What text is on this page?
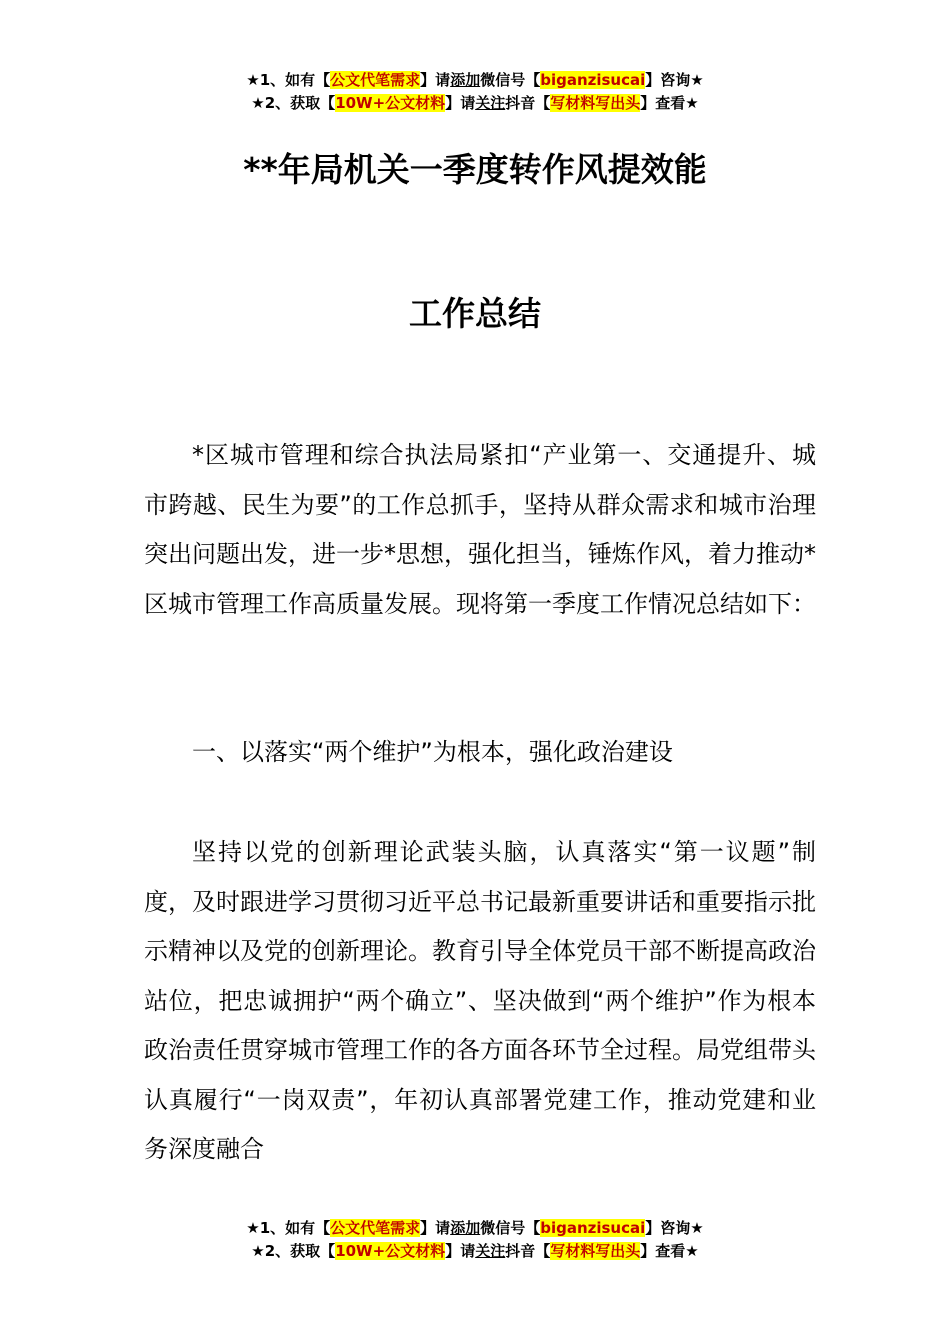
★1、如有【公文代笔需求】请添加微信号【biganzisucai】咨询★
★2、获取【10W+公文材料】请关注抖音【写材料写出头】查看★
**年局机关一季度转作风提效能
工作总结

*区城市管理和综合执法局紧扣“产业第一、交通提升、城市跨越、民生为要”的工作总抓手，坚持从群众需求和城市治理突出问题出发，进一步*思想，强化担当，锤炼作风，着力推动*区城市管理工作高质量发展。现将第一季度工作情况总结如下：

一、以落实“两个维护”为根本，强化政治建设

坚持以党的创新理论武装头脑，认真落实“第一议题”制度，及时跟进学习贯彻习近平总书记最新重要讲话和重要指示批示精神以及党的创新理论。教育引导全体党员干部不断提高政治站位，把忠诚拥护“两个确立”、坚决做到“两个维护”作为根本政治责任贯穿城市管理工作的各方面各环节全过程。局党组带头认真履行“一岗双责”，年初认真部署党建工作，推动党建和业务深度融合

★1、如有【公文代笔需求】请添加微信号【biganzisucai】咨询★
★2、获取【10W+公文材料】请关注抖音【写材料写出头】查看★
